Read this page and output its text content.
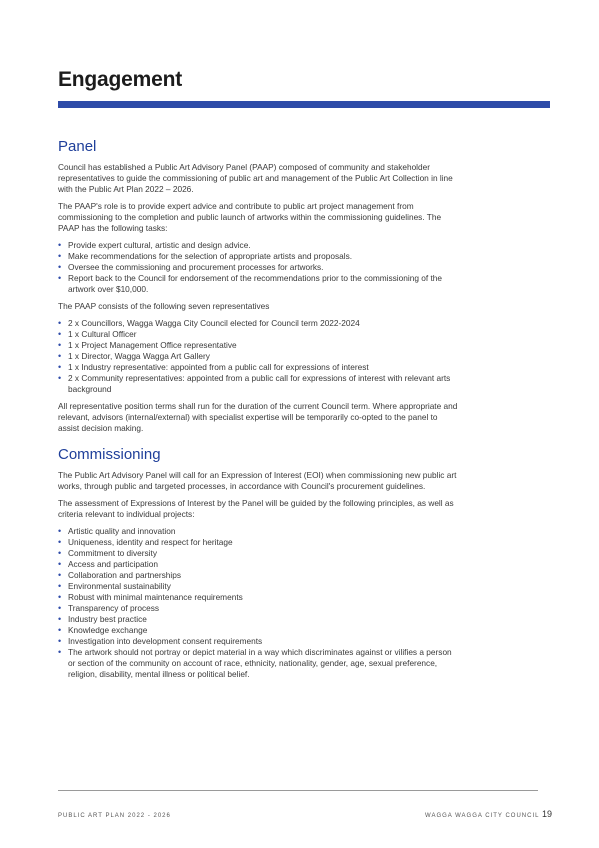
Engagement
Panel

Council has established a Public Art Advisory Panel (PAAP) composed of community and stakeholder representatives to guide the commissioning of public art and management of the Public Art Collection in line with the Public Art Plan 2022 – 2026.

The PAAP's role is to provide expert advice and contribute to public art project management from commissioning to the completion and public launch of artworks within the commissioning guidelines. The PAAP has the following tasks:

• Provide expert cultural, artistic and design advice.
• Make recommendations for the selection of appropriate artists and proposals.
• Oversee the commissioning and procurement processes for artworks.
• Report back to the Council for endorsement of the recommendations prior to the commissioning of the artwork over $10,000.

The PAAP consists of the following seven representatives

• 2 x Councillors, Wagga Wagga City Council elected for Council term 2022-2024
• 1 x Cultural Officer
• 1 x Project Management Office representative
• 1 x Director, Wagga Wagga Art Gallery
• 1 x Industry representative: appointed from a public call for expressions of interest
• 2 x Community representatives: appointed from a public call for expressions of interest with relevant arts background

All representative position terms shall run for the duration of the current Council term. Where appropriate and relevant, advisors (internal/external) with specialist expertise will be temporarily co-opted to the panel to assist decision making.

Commissioning

The Public Art Advisory Panel will call for an Expression of Interest (EOI) when commissioning new public art works, through public and targeted processes, in accordance with Council's procurement guidelines.

The assessment of Expressions of Interest by the Panel will be guided by the following principles, as well as criteria relevant to individual projects:

• Artistic quality and innovation
• Uniqueness, identity and respect for heritage
• Commitment to diversity
• Access and participation
• Collaboration and partnerships
• Environmental sustainability
• Robust with minimal maintenance requirements
• Transparency of process
• Industry best practice
• Knowledge exchange
• Investigation into development consent requirements
• The artwork should not portray or depict material in a way which discriminates against or vilifies a person or section of the community on account of race, ethnicity, nationality, gender, age, sexual preference, religion, disability, mental illness or political belief.
PUBLIC ART PLAN 2022 - 2026	WAGGA WAGGA CITY COUNCIL 19
